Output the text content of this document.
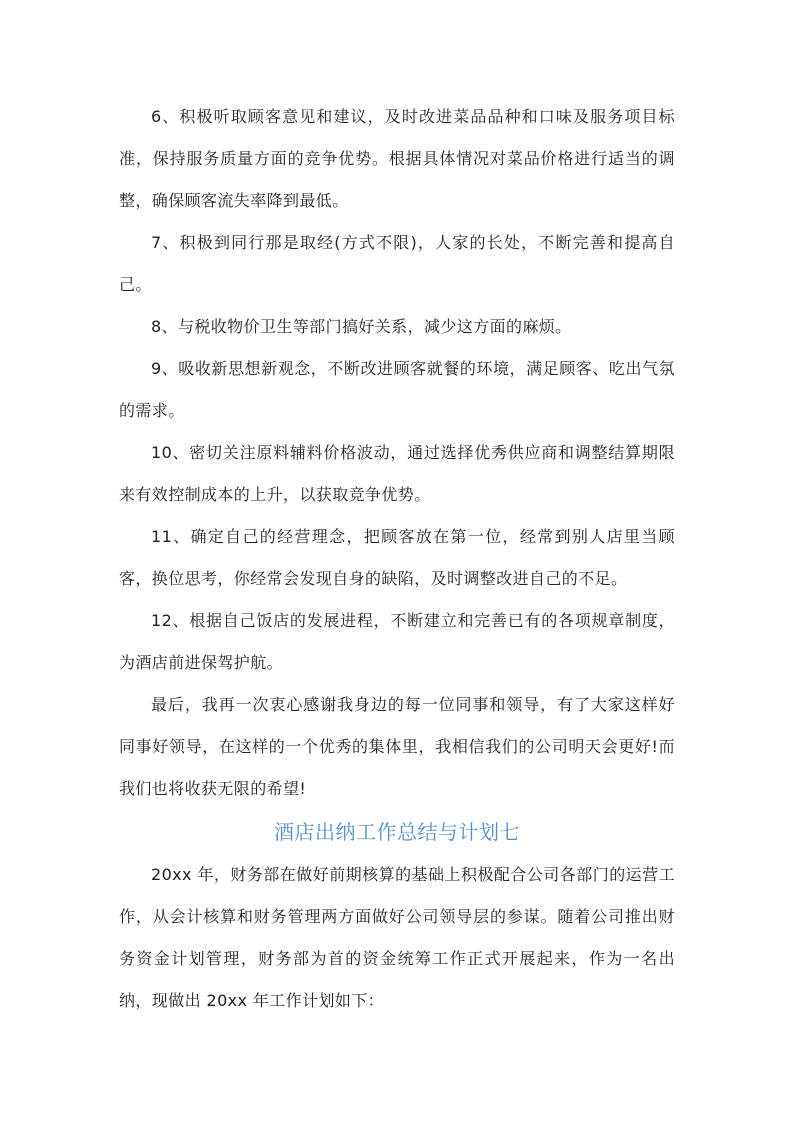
6、积极听取顾客意见和建议，及时改进菜品品种和口味及服务项目标准，保持服务质量方面的竞争优势。根据具体情况对菜品价格进行适当的调整，确保顾客流失率降到最低。

7、积极到同行那是取经(方式不限)，人家的长处，不断完善和提高自己。

8、与税收物价卫生等部门搞好关系，减少这方面的麻烦。

9、吸收新思想新观念，不断改进顾客就餐的环境，满足顾客、吃出气氛的需求。

10、密切关注原料辅料价格波动，通过选择优秀供应商和调整结算期限来有效控制成本的上升，以获取竞争优势。

11、确定自己的经营理念，把顾客放在第一位，经常到别人店里当顾客，换位思考，你经常会发现自身的缺陷，及时调整改进自己的不足。

12、根据自己饭店的发展进程，不断建立和完善已有的各项规章制度，为酒店前进保驾护航。

最后，我再一次衷心感谢我身边的每一位同事和领导，有了大家这样好同事好领导，在这样的一个优秀的集体里，我相信我们的公司明天会更好!而我们也将收获无限的希望!

酒店出纳工作总结与计划七

20xx 年，财务部在做好前期核算的基础上积极配合公司各部门的运营工作，从会计核算和财务管理两方面做好公司领导层的参谋。随着公司推出财务资金计划管理，财务部为首的资金统筹工作正式开展起来，作为一名出纳，现做出 20xx 年工作计划如下：
